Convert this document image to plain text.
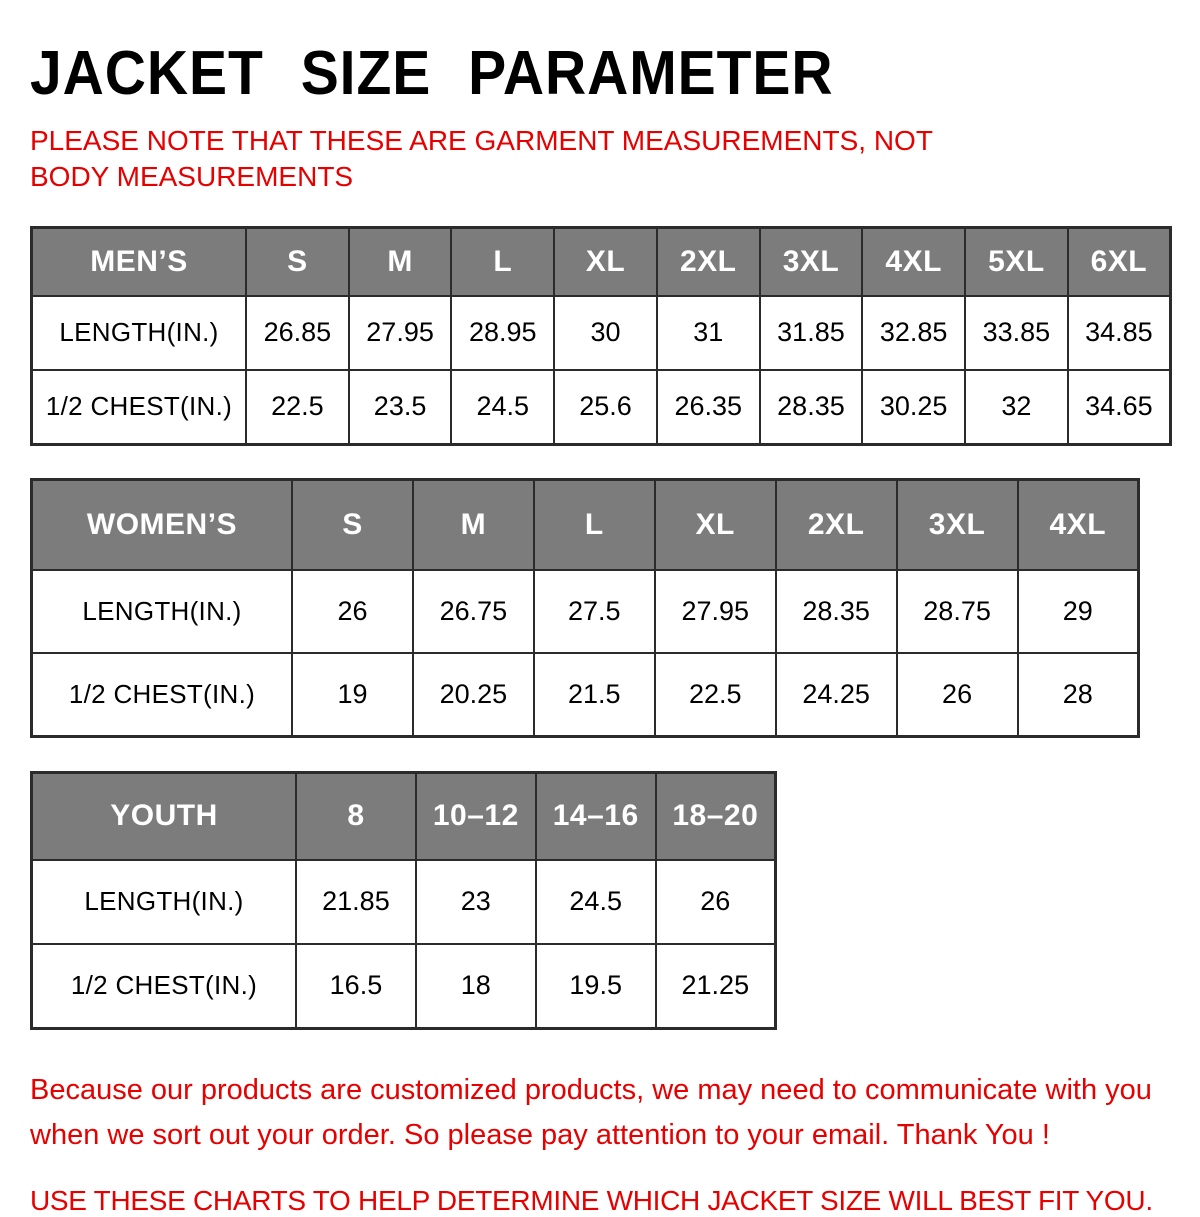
JACKET SIZE PARAMETER
PLEASE NOTE THAT THESE ARE GARMENT MEASUREMENTS, NOT BODY MEASUREMENTS
MEN’S	S	M	L	XL	2XL	3XL	4XL	5XL	6XL
LENGTH(IN.)	26.85	27.95	28.95	30	31	31.85	32.85	33.85	34.85
1/2 CHEST(IN.)	22.5	23.5	24.5	25.6	26.35	28.35	30.25	32	34.65
WOMEN’S	S	M	L	XL	2XL	3XL	4XL
LENGTH(IN.)	26	26.75	27.5	27.95	28.35	28.75	29
1/2 CHEST(IN.)	19	20.25	21.5	22.5	24.25	26	28
YOUTH	8	10–12	14–16	18–20
LENGTH(IN.)	21.85	23	24.5	26
1/2 CHEST(IN.)	16.5	18	19.5	21.25
Because our products are customized products, we may need to communicate with you
when we sort out your order. So please pay attention to your email. Thank You !
USE THESE CHARTS TO HELP DETERMINE WHICH JACKET SIZE WILL BEST FIT YOU.
